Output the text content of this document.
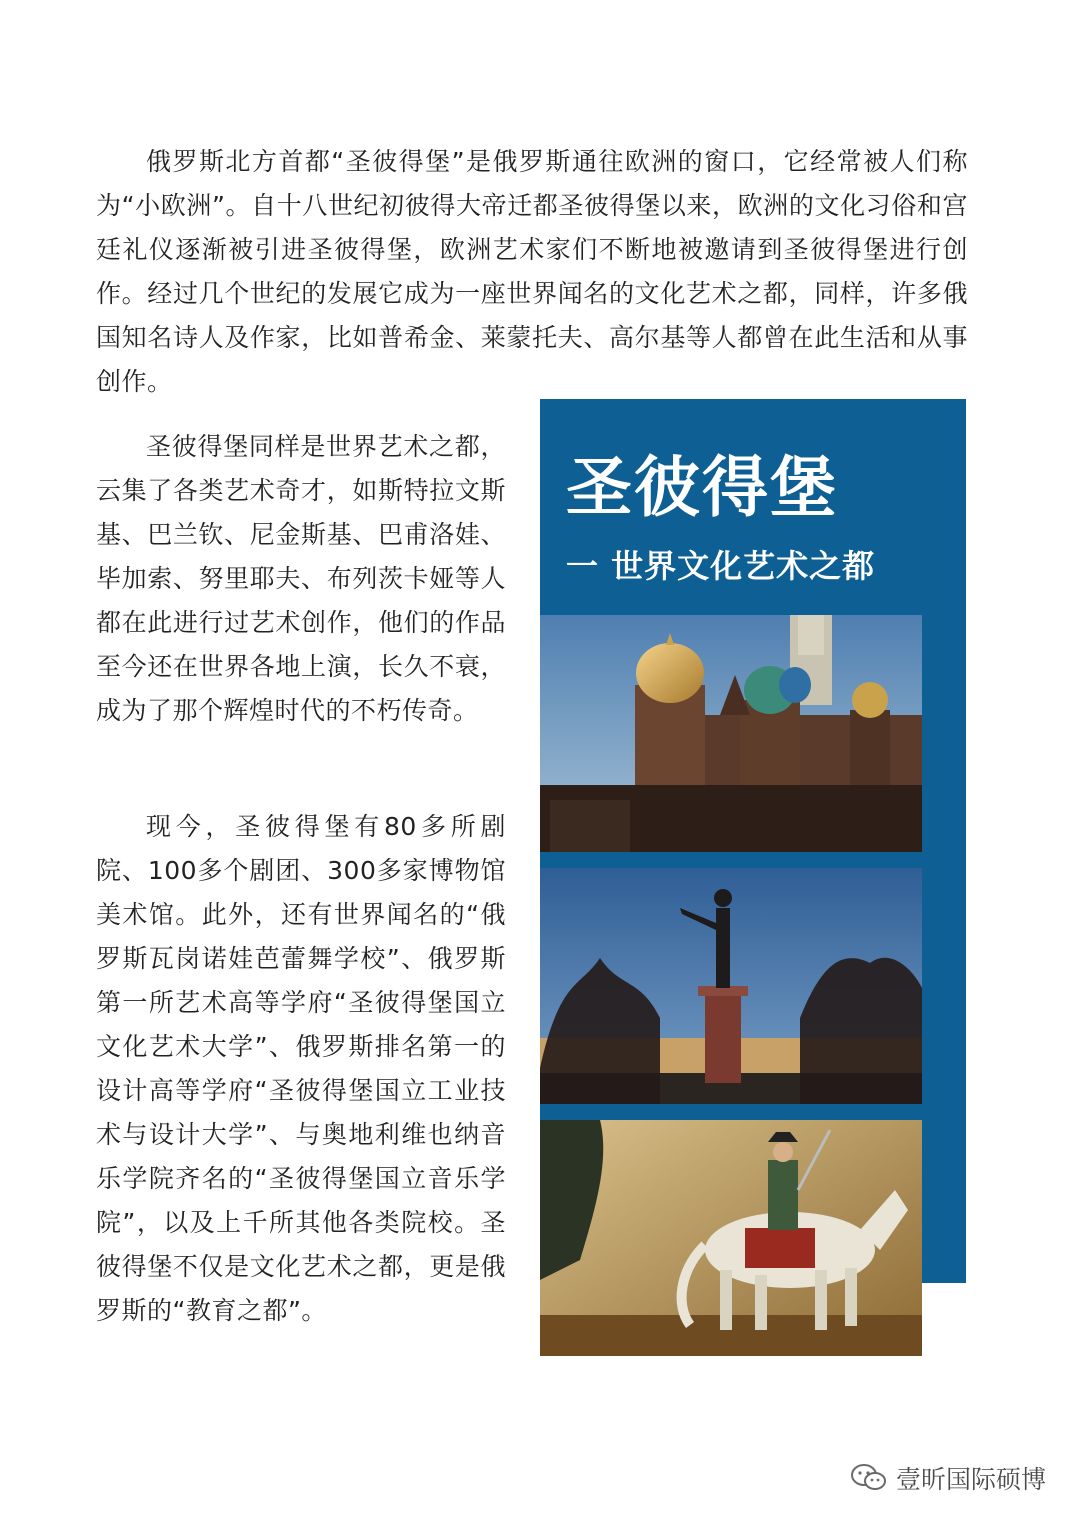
俄罗斯北方首都“圣彼得堡”是俄罗斯通往欧洲的窗口，它经常被人们称为“小欧洲”。自十八世纪初彼得大帝迁都圣彼得堡以来，欧洲的文化习俗和宫廷礼仪逐渐被引进圣彼得堡，欧洲艺术家们不断地被邀请到圣彼得堡进行创作。经过几个世纪的发展它成为一座世界闻名的文化艺术之都，同样，许多俄国知名诗人及作家，比如普希金、莱蒙托夫、高尔基等人都曾在此生活和从事创作。

圣彼得堡同样是世界艺术之都，云集了各类艺术奇才，如斯特拉文斯基、巴兰钦、尼金斯基、巴甫洛娃、毕加索、努里耶夫、布列茨卡娅等人都在此进行过艺术创作，他们的作品至今还在世界各地上演，长久不衰，成为了那个辉煌时代的不朽传奇。

现今，圣彼得堡有80多所剧院、100多个剧团、300多家博物馆美术馆。此外，还有世界闻名的“俄罗斯瓦岗诺娃芭蕾舞学校”、俄罗斯第一所艺术高等学府“圣彼得堡国立文化艺术大学”、俄罗斯排名第一的设计高等学府“圣彼得堡国立工业技术与设计大学”、与奥地利维也纳音乐学院齐名的“圣彼得堡国立音乐学院”，以及上千所其他各类院校。圣彼得堡不仅是文化艺术之都，更是俄罗斯的“教育之都”。

圣彼得堡
一 世界文化艺术之都
壹昕国际硕博
